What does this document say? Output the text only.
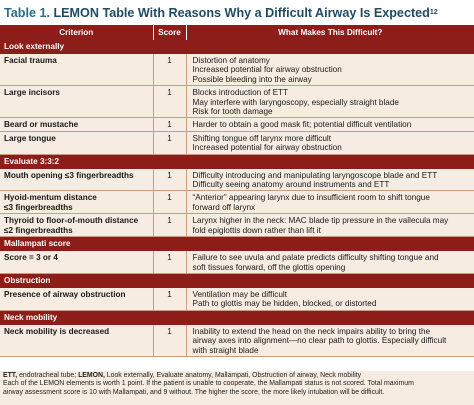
Table 1.
LEMON Table With Reasons Why a Difficult Airway Is Expected 12
Criterion	Score	What Makes This Difficult?
Look externally		

Facial trauma	1	Distortion of anatomy
Increased potential for airway obstruction
Possible bleeding into the airway

Large incisors	1	Blocks introduction of ETT
May interfere with laryngoscopy, especially straight blade
Risk for tooth damage

Beard or mustache	1	Harder to obtain a good mask fit; potential difficult ventilation

Large tongue	1	Shifting tongue off larynx more difficult
Increased potential for airway obstruction

Evaluate 3:3:2		

Mouth opening ≤3 fingerbreadths	1	Difficulty introducing and manipulating laryngoscope blade and ETT
Difficulty seeing anatomy around instruments and ETT

Hyoid-mentum distance
≤3 fingerbreadths	1	“Anterior” appearing larynx due to insufficient room to shift tongue
forward off larynx

Thyroid to floor-of-mouth distance
≤2 fingerbreadths	1	Larynx higher in the neck: MAC blade tip pressure in the vallecula may
fold epiglottis down rather than lift it

Mallampati score		

Score = 3 or 4	1	Failure to see uvula and palate predicts difficulty shifting tongue and
soft tissues forward, off the glottis opening

Obstruction		

Presence of airway obstruction	1	Ventilation may be difficult
Path to glottis may be hidden, blocked, or distorted

Neck mobility		

Neck mobility is decreased	1	Inability to extend the head on the neck impairs ability to bring the
airway axes into alignment—no clear path to glottis. Especially difficult
with straight blade
ETT, endotracheal tube; LEMON, Look externally, Evaluate anatomy, Mallampati, Obstruction of airway, Neck mobility
Each of the LEMON elements is worth 1 point. If the patient is unable to cooperate, the Mallampati status is not scored. Total maximum
airway assessment score is 10 with Mallampati, and 9 without. The higher the score, the more likely intubation will be difficult.
